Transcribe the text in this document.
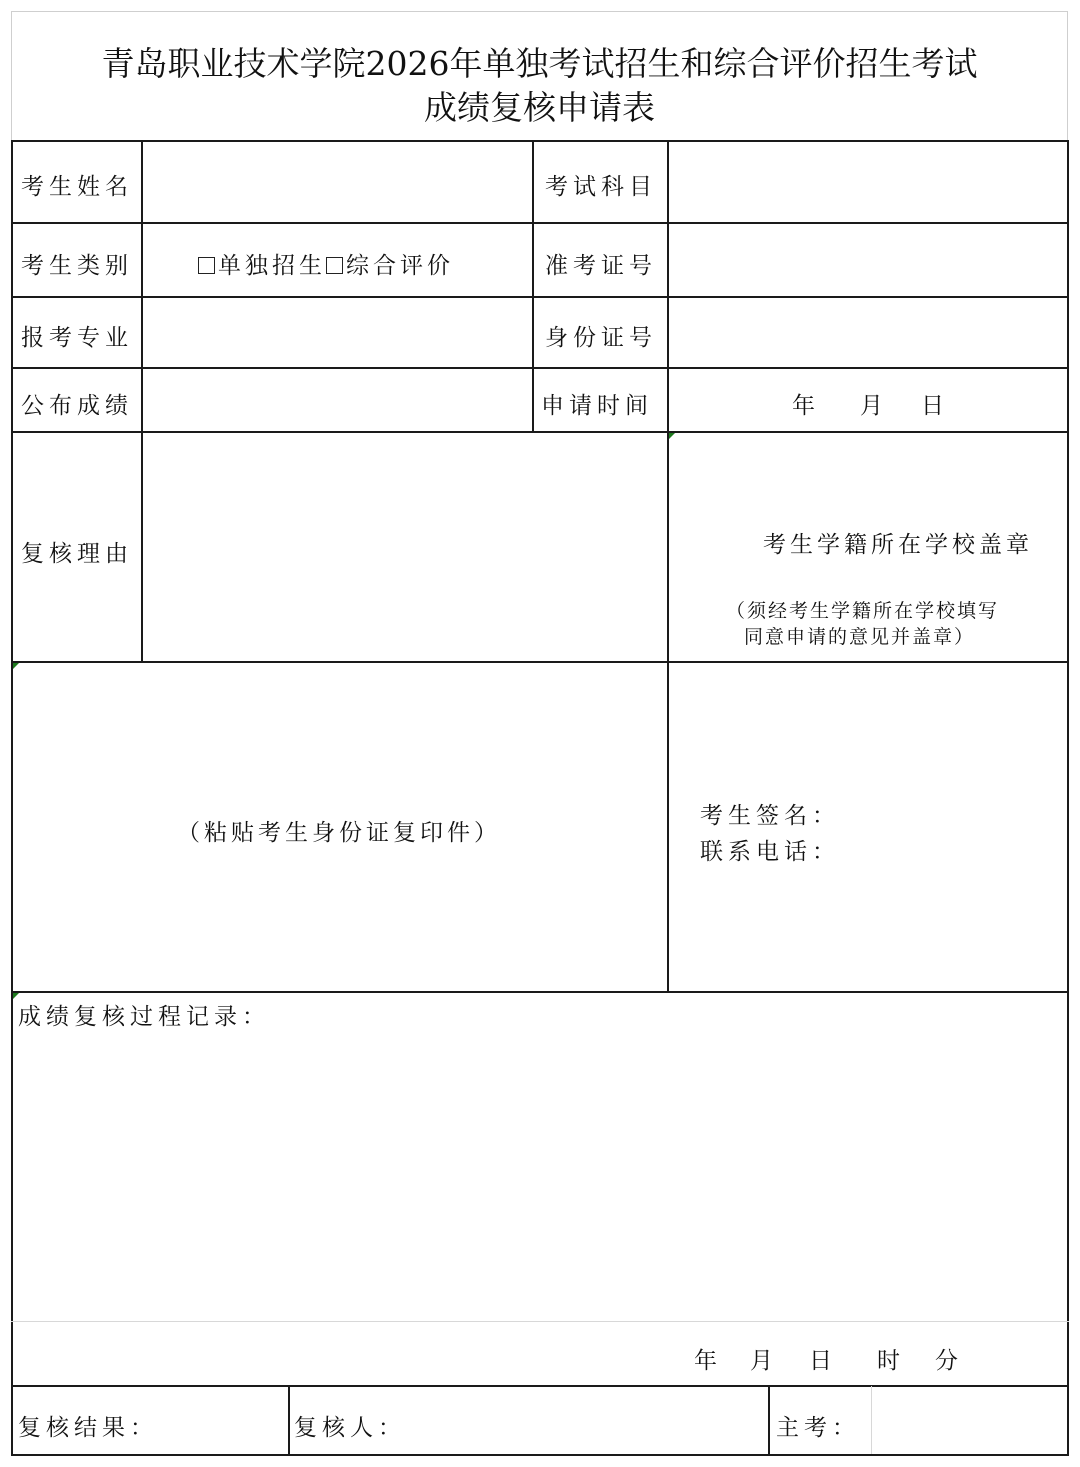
青岛职业技术学院2026年单独考试招生和综合评价招生考试
成绩复核申请表
考生姓名	考试科目
考生类别	单独招生 综合评价	准考证号
报考专业	身份证号
公布成绩	申请时间	年 月 日
复核理由	考生学籍所在学校盖章
（须经考生学籍所在学校填写
同意申请的意见并盖章）
（粘贴考生身份证复印件）
考生签名：
联系电话：
成绩复核过程记录：
年 月 日 时 分
复核结果：	复核人：	主考：
